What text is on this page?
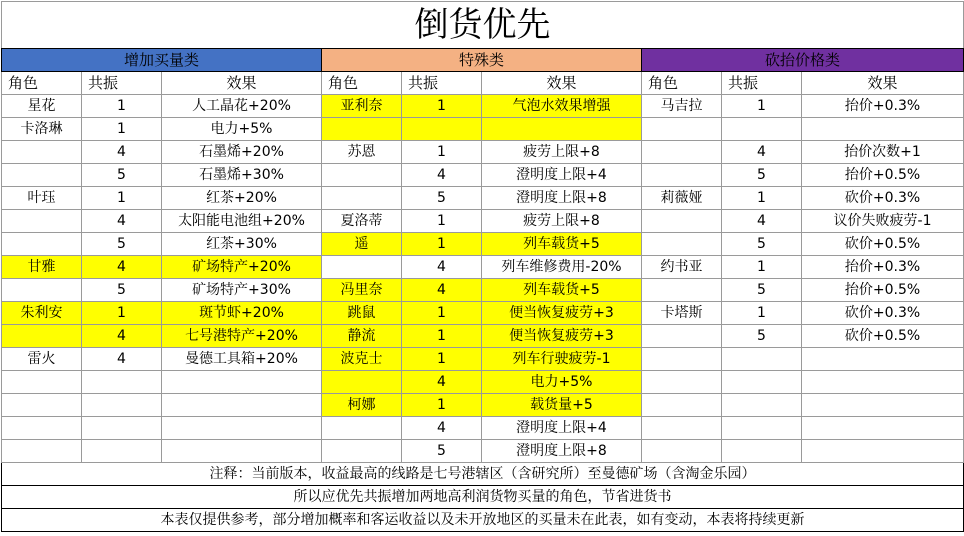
倒货优先								
增加买量类			特殊类			砍抬价格类		
角色	共振	效果	角色	共振	效果	角色	共振	效果
星花	1	人工晶花+20%	亚利奈	1	气泡水效果增强	马吉拉	1	抬价+0.3%
卡洛琳	1	电力+5%						
	4	石墨烯+20%	苏恩	1	疲劳上限+8		4	抬价次数+1
	5	石墨烯+30%		4	澄明度上限+4		5	抬价+0.5%
叶珏	1	红茶+20%		5	澄明度上限+8	莉薇娅	1	砍价+0.3%
	4	太阳能电池组+20%	夏洛蒂	1	疲劳上限+8		4	议价失败疲劳-1
	5	红茶+30%	遥	1	列车载货+5		5	砍价+0.5%
甘雅	4	矿场特产+20%		4	列车维修费用-20%	约书亚	1	抬价+0.3%
	5	矿场特产+30%	冯里奈	4	列车载货+5		5	抬价+0.5%
朱利安	1	斑节虾+20%	跳鼠	1	便当恢复疲劳+3	卡塔斯	1	砍价+0.3%
	4	七号港特产+20%	静流	1	便当恢复疲劳+3		5	砍价+0.5%
雷火	4	曼德工具箱+20%	波克士	1	列车行驶疲劳-1			
				4	电力+5%			
			柯娜	1	载货量+5			
				4	澄明度上限+4			
				5	澄明度上限+8			
注释：当前版本，收益最高的线路是七号港辖区（含研究所）至曼德矿场（含淘金乐园）								
所以应优先共振增加两地高利润货物买量的角色，节省进货书								
本表仅提供参考，部分增加概率和客运收益以及未开放地区的买量未在此表，如有变动，本表将持续更新								
